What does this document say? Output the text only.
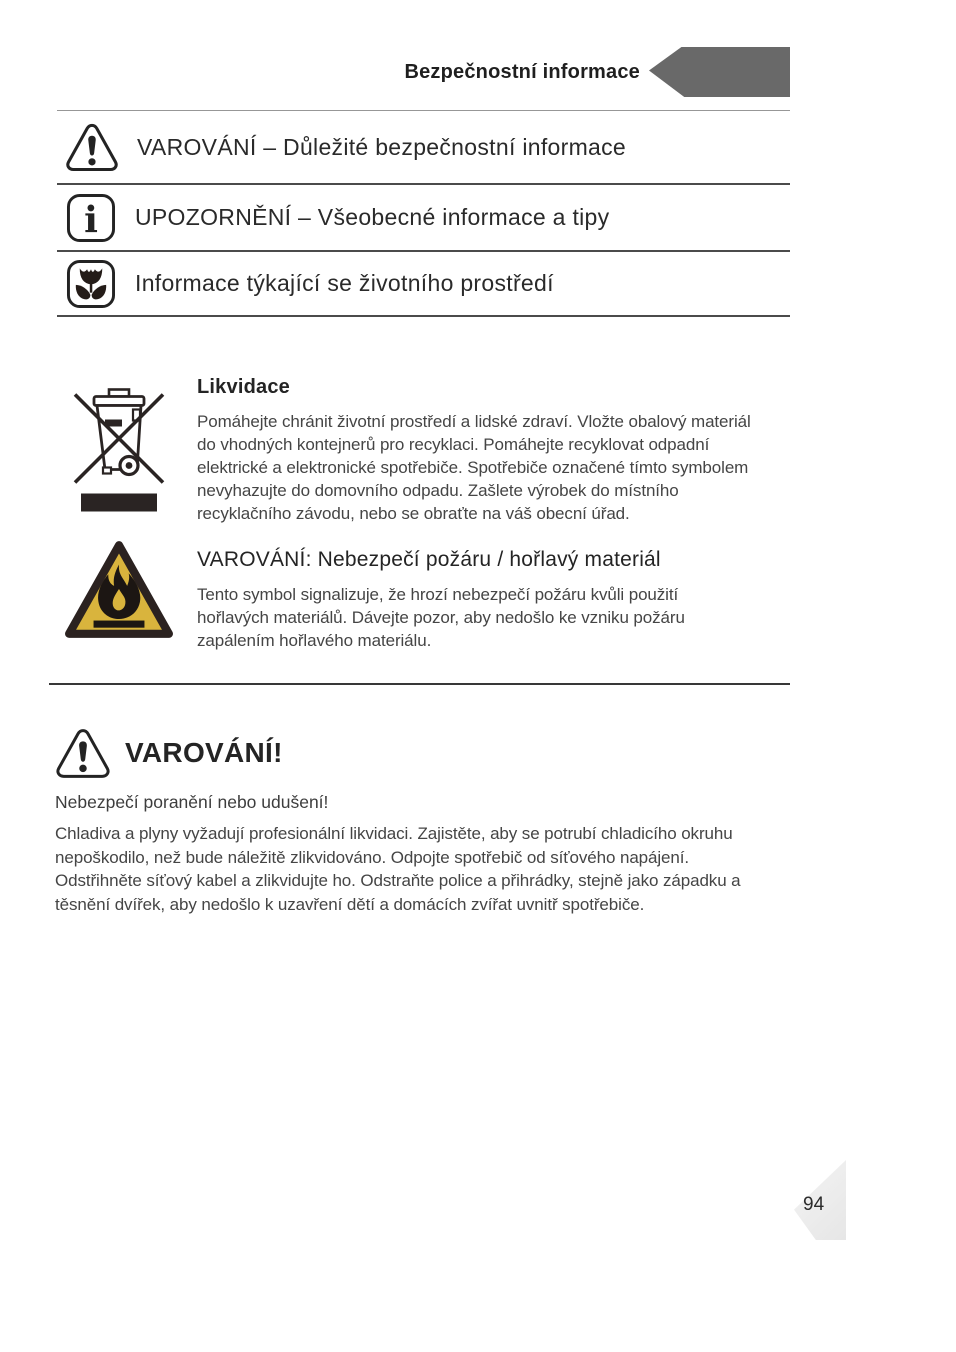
Bezpečnostní informace
VAROVÁNÍ – Důležité bezpečnostní informace
i UPOZORNĚNÍ – Všeobecné informace a tipy
Informace týkající se životního prostředí
Likvidace

Pomáhejte chránit životní prostředí a lidské zdraví. Vložte obalový materiál do vhodných kontejnerů pro recyklaci. Pomáhejte recyklovat odpadní elektrické a elektronické spotřebiče. Spotřebiče označené tímto symbolem nevyhazujte do domovního odpadu. Zašlete výrobek do místního recyklačního závodu, nebo se obraťte na váš obecní úřad.

VAROVÁNÍ: Nebezpečí požáru / hořlavý materiál

Tento symbol signalizuje, že hrozí nebezpečí požáru kvůli použití hořlavých materiálů. Dávejte pozor, aby nedošlo ke vzniku požáru zapálením hořlavého materiálu.

VAROVÁNÍ!

Nebezpečí poranění nebo udušení!

Chladiva a plyny vyžadují profesionální likvidaci. Zajistěte, aby se potrubí chladicího okruhu nepoškodilo, než bude náležitě zlikvidováno. Odpojte spotřebič od síťového napájení. Odstřihněte síťový kabel a zlikvidujte ho. Odstraňte police a přihrádky, stejně jako západku a těsnění dvířek, aby nedošlo k uzavření dětí a domácích zvířat uvnitř spotřebiče.

94
